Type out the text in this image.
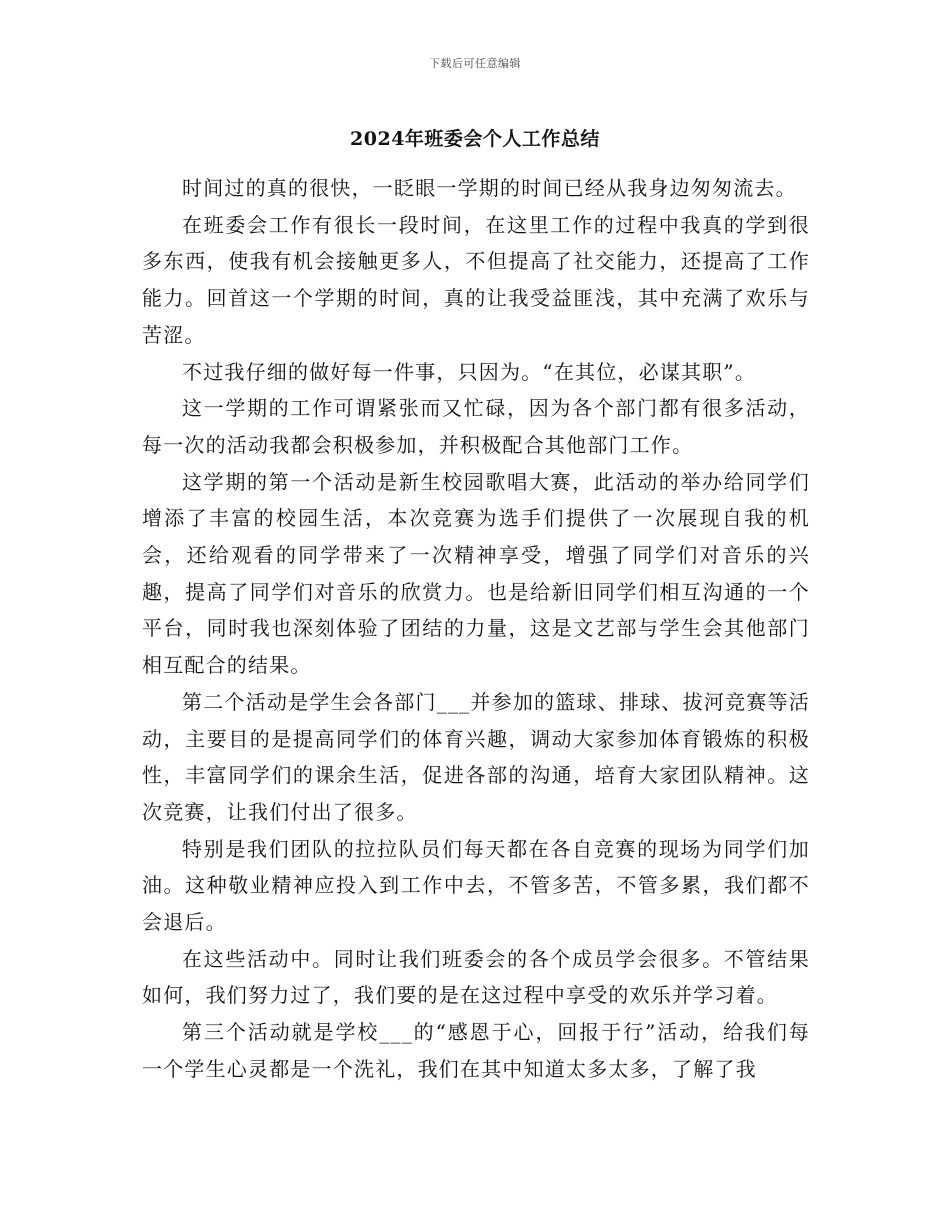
下载后可任意编辑
2024年班委会个人工作总结

时间过的真的很快，一眨眼一学期的时间已经从我身边匆匆流去。

在班委会工作有很长一段时间，在这里工作的过程中我真的学到很多东西，使我有机会接触更多人，不但提高了社交能力，还提高了工作能力。回首这一个学期的时间，真的让我受益匪浅，其中充满了欢乐与苦涩。

不过我仔细的做好每一件事，只因为。“在其位，必谋其职”。

这一学期的工作可谓紧张而又忙碌，因为各个部门都有很多活动，每一次的活动我都会积极参加，并积极配合其他部门工作。

这学期的第一个活动是新生校园歌唱大赛，此活动的举办给同学们增添了丰富的校园生活，本次竞赛为选手们提供了一次展现自我的机会，还给观看的同学带来了一次精神享受，增强了同学们对音乐的兴趣，提高了同学们对音乐的欣赏力。也是给新旧同学们相互沟通的一个平台，同时我也深刻体验了团结的力量，这是文艺部与学生会其他部门相互配合的结果。

第二个活动是学生会各部门___并参加的篮球、排球、拔河竞赛等活动，主要目的是提高同学们的体育兴趣，调动大家参加体育锻炼的积极性，丰富同学们的课余生活，促进各部的沟通，培育大家团队精神。这次竞赛，让我们付出了很多。

特别是我们团队的拉拉队员们每天都在各自竞赛的现场为同学们加油。这种敬业精神应投入到工作中去，不管多苦，不管多累，我们都不会退后。

在这些活动中。同时让我们班委会的各个成员学会很多。不管结果如何，我们努力过了，我们要的是在这过程中享受的欢乐并学习着。

第三个活动就是学校___的“感恩于心，回报于行”活动，给我们每一个学生心灵都是一个洗礼，我们在其中知道太多太多，了解了我
